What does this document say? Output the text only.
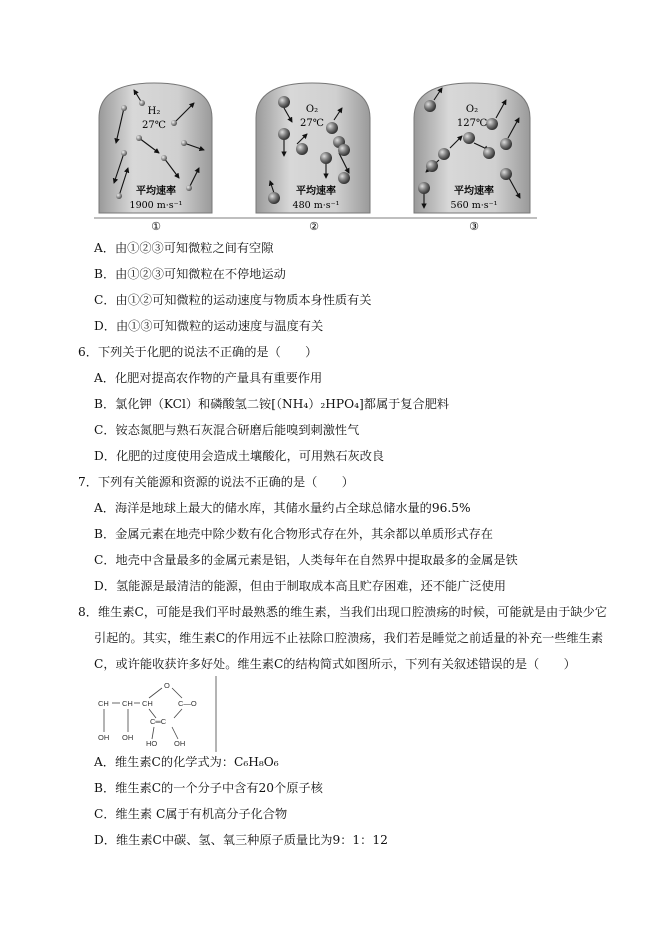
H₂
27℃
平均速率
1900 m·s⁻¹
①
O₂
27℃
平均速率
480 m·s⁻¹
②
O₂
127℃
平均速率
560 m·s⁻¹
③
A．由①②③可知微粒之间有空隙
B．由①②③可知微粒在不停地运动
C．由①②可知微粒的运动速度与物质本身性质有关
D．由①③可知微粒的运动速度与温度有关
6．下列关于化肥的说法不正确的是（　　）
A．化肥对提高农作物的产量具有重要作用
B．氯化钾（KCl）和磷酸氢二铵[（NH₄）₂HPO₄]都属于复合肥料
C．铵态氮肥与熟石灰混合研磨后能嗅到刺激性气
D．化肥的过度使用会造成土壤酸化，可用熟石灰改良
7．下列有关能源和资源的说法不正确的是（　　）
A．海洋是地球上最大的储水库，其储水量约占全球总储水量的96.5%
B．金属元素在地壳中除少数有化合物形式存在外，其余都以单质形式存在
C．地壳中含量最多的金属元素是铝，人类每年在自然界中提取最多的金属是铁
D．氢能源是最清洁的能源，但由于制取成本高且贮存困难，还不能广泛使用
8．维生素C，可能是我们平时最熟悉的维生素，当我们出现口腔溃疡的时候，可能就是由于缺少它
引起的。其实，维生素C的作用远不止祛除口腔溃疡，我们若是睡觉之前适量的补充一些维生素
C，或许能收获许多好处。维生素C的结构简式如图所示，下列有关叙述错误的是（　　）
CH CH CH
O
C—O
C═C
OH OH
HO OH
A．维生素C的化学式为：C₆H₈O₆
B．维生素C的一个分子中含有20个原子核
C．维生素 C属于有机高分子化合物
D．维生素C中碳、氢、氧三种原子质量比为9：1：12
